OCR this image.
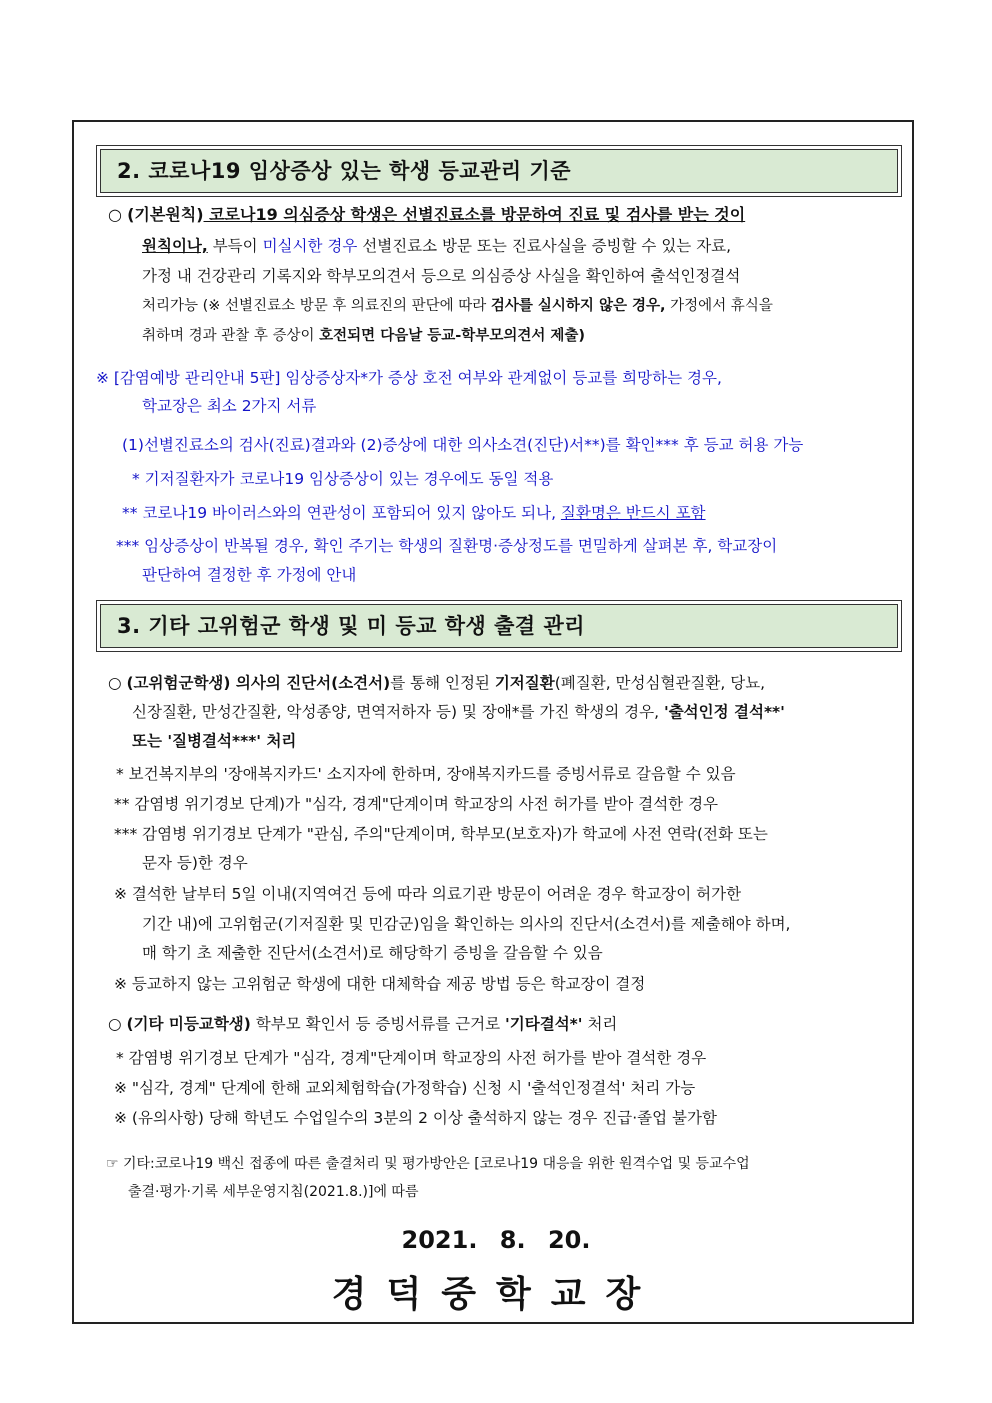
2. 코로나19 임상증상 있는 학생 등교관리 기준
○ (기본원칙) 코로나19 의심증상 학생은 선별진료소를 방문하여 진료 및 검사를 받는 것이
원칙이나, 부득이 미실시한 경우 선별진료소 방문 또는 진료사실을 증빙할 수 있는 자료,
가정 내 건강관리 기록지와 학부모의견서 등으로 의심증상 사실을 확인하여 출석인정결석
처리가능 (※ 선별진료소 방문 후 의료진의 판단에 따라 검사를 실시하지 않은 경우, 가정에서 휴식을
취하며 경과 관찰 후 증상이 호전되면 다음날 등교-학부모의견서 제출)
※ [감염예방 관리안내 5판] 임상증상자*가 증상 호전 여부와 관계없이 등교를 희망하는 경우,
학교장은 최소 2가지 서류
(1)선별진료소의 검사(진료)결과와 (2)증상에 대한 의사소견(진단)서**)를 확인*** 후 등교 허용 가능
* 기저질환자가 코로나19 임상증상이 있는 경우에도 동일 적용
** 코로나19 바이러스와의 연관성이 포함되어 있지 않아도 되나, 질환명은 반드시 포함
*** 임상증상이 반복될 경우, 확인 주기는 학생의 질환명·증상정도를 면밀하게 살펴본 후, 학교장이
판단하여 결정한 후 가정에 안내
3. 기타 고위험군 학생 및 미 등교 학생 출결 관리
○ (고위험군학생) 의사의 진단서(소견서)를 통해 인정된 기저질환(폐질환, 만성심혈관질환, 당뇨,
신장질환, 만성간질환, 악성종양, 면역저하자 등) 및 장애*를 가진 학생의 경우, '출석인정 결석**'
또는 '질병결석***' 처리
* 보건복지부의 '장애복지카드' 소지자에 한하며, 장애복지카드를 증빙서류로 갈음할 수 있음
** 감염병 위기경보 단계)가 "심각, 경계"단계이며 학교장의 사전 허가를 받아 결석한 경우
*** 감염병 위기경보 단계가 "관심, 주의"단계이며, 학부모(보호자)가 학교에 사전 연락(전화 또는
문자 등)한 경우
※ 결석한 날부터 5일 이내(지역여건 등에 따라 의료기관 방문이 어려운 경우 학교장이 허가한
기간 내)에 고위험군(기저질환 및 민감군)임을 확인하는 의사의 진단서(소견서)를 제출해야 하며,
매 학기 초 제출한 진단서(소견서)로 해당학기 증빙을 갈음할 수 있음
※ 등교하지 않는 고위험군 학생에 대한 대체학습 제공 방법 등은 학교장이 결정
○ (기타 미등교학생) 학부모 확인서 등 증빙서류를 근거로 '기타결석*' 처리
* 감염병 위기경보 단계가 "심각, 경계"단계이며 학교장의 사전 허가를 받아 결석한 경우
※ "심각, 경계" 단계에 한해 교외체험학습(가정학습) 신청 시 '출석인정결석' 처리 가능
※ (유의사항) 당해 학년도 수업일수의 3분의 2 이상 출석하지 않는 경우 진급·졸업 불가함
☞ 기타:코로나19 백신 접종에 따른 출결처리 및 평가방안은 [코로나19 대응을 위한 원격수업 및 등교수업
출결·평가·기록 세부운영지침(2021.8.)]에 따름
2021. 8. 20.
경덕중학교장
